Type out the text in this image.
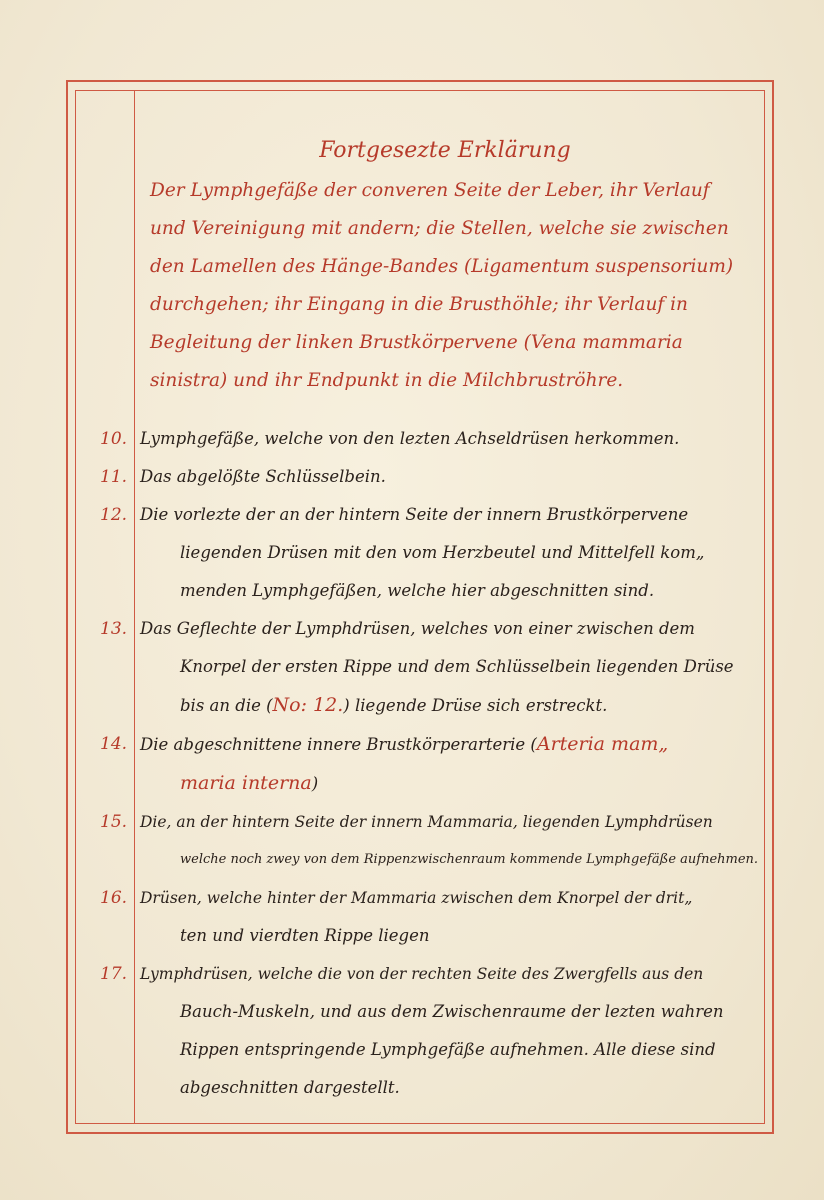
Fortgesezte Erklärung
Der Lymphgefäße der converen Seite der Leber, ihr Verlauf
und Vereinigung mit andern; die Stellen, welche sie zwischen
den Lamellen des Hänge-Bandes (Ligamentum suspensorium)
durchgehen; ihr Eingang in die Brusthöhle; ihr Verlauf in
Begleitung der linken Brustkörpervene (Vena mammaria
sinistra) und ihr Endpunkt in die Milchbruströhre.
10. Lymphgefäße, welche von den lezten Achseldrüsen herkommen.
11. Das abgelößte Schlüsselbein.
12. Die vorlezte der an der hintern Seite der innern Brustkörpervene
liegenden Drüsen mit den vom Herzbeutel und Mittelfell kom„
menden Lymphgefäßen, welche hier abgeschnitten sind.
13. Das Geflechte der Lymphdrüsen, welches von einer zwischen dem
Knorpel der ersten Rippe und dem Schlüsselbein liegenden Drüse
bis an die (No: 12.) liegende Drüse sich erstreckt.
14. Die abgeschnittene innere Brustkörperarterie (Arteria mam„
maria interna)
15. Die, an der hintern Seite der innern Mammaria, liegenden Lymphdrüsen
welche noch zwey von dem Rippenzwischenraum kommende Lymphgefäße aufnehmen.
16. Drüsen, welche hinter der Mammaria zwischen dem Knorpel der drit„
ten und vierdten Rippe liegen
17. Lymphdrüsen, welche die von der rechten Seite des Zwergfells aus den
Bauch-Muskeln, und aus dem Zwischenraume der lezten wahren
Rippen entspringende Lymphgefäße aufnehmen. Alle diese sind
abgeschnitten dargestellt.
